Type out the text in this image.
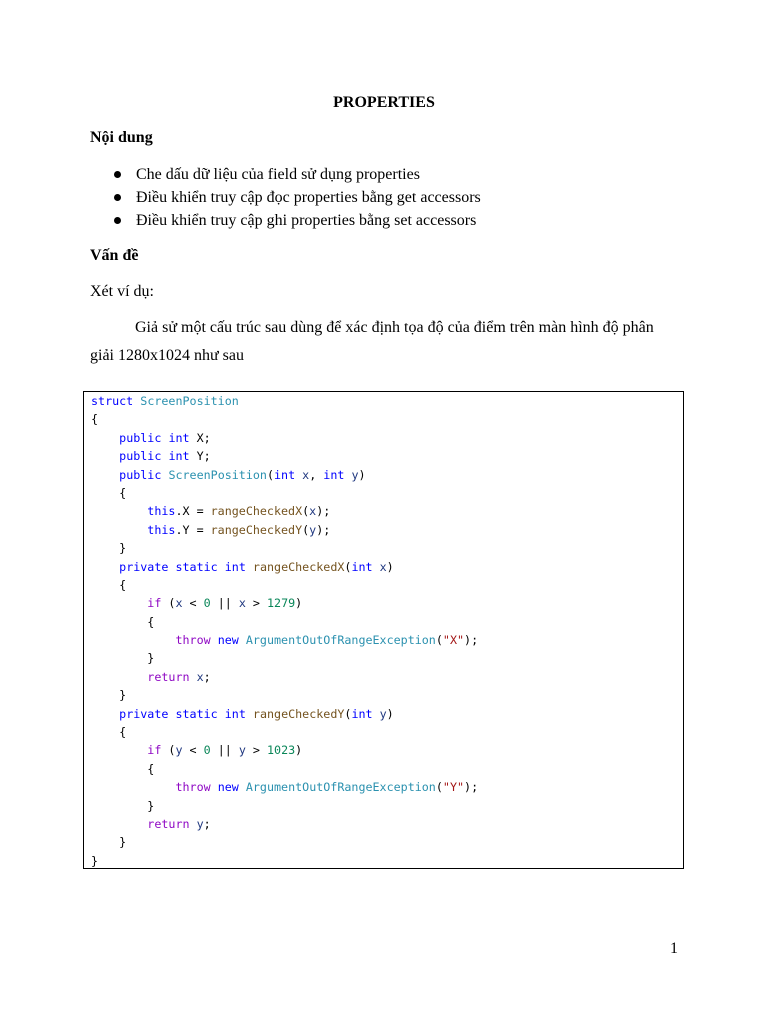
PROPERTIES
Nội dung
Che dấu dữ liệu của field sử dụng properties
Điều khiển truy cập đọc properties bằng get accessors
Điều khiển truy cập ghi properties bằng set accessors
Vấn đề
Xét ví dụ:
Giả sử một cấu trúc sau dùng để xác định tọa độ của điểm trên màn hình độ phân
giải 1280x1024 như sau
struct ScreenPosition
{
public int X;
public int Y;
public ScreenPosition(int x, int y)
{
this.X = rangeCheckedX(x);
this.Y = rangeCheckedY(y);
}
private static int rangeCheckedX(int x)
{
if (x < 0 || x > 1279)
{
throw new ArgumentOutOfRangeException("X");
}
return x;
}
private static int rangeCheckedY(int y)
{
if (y < 0 || y > 1023)
{
throw new ArgumentOutOfRangeException("Y");
}
return y;
}
}
1
